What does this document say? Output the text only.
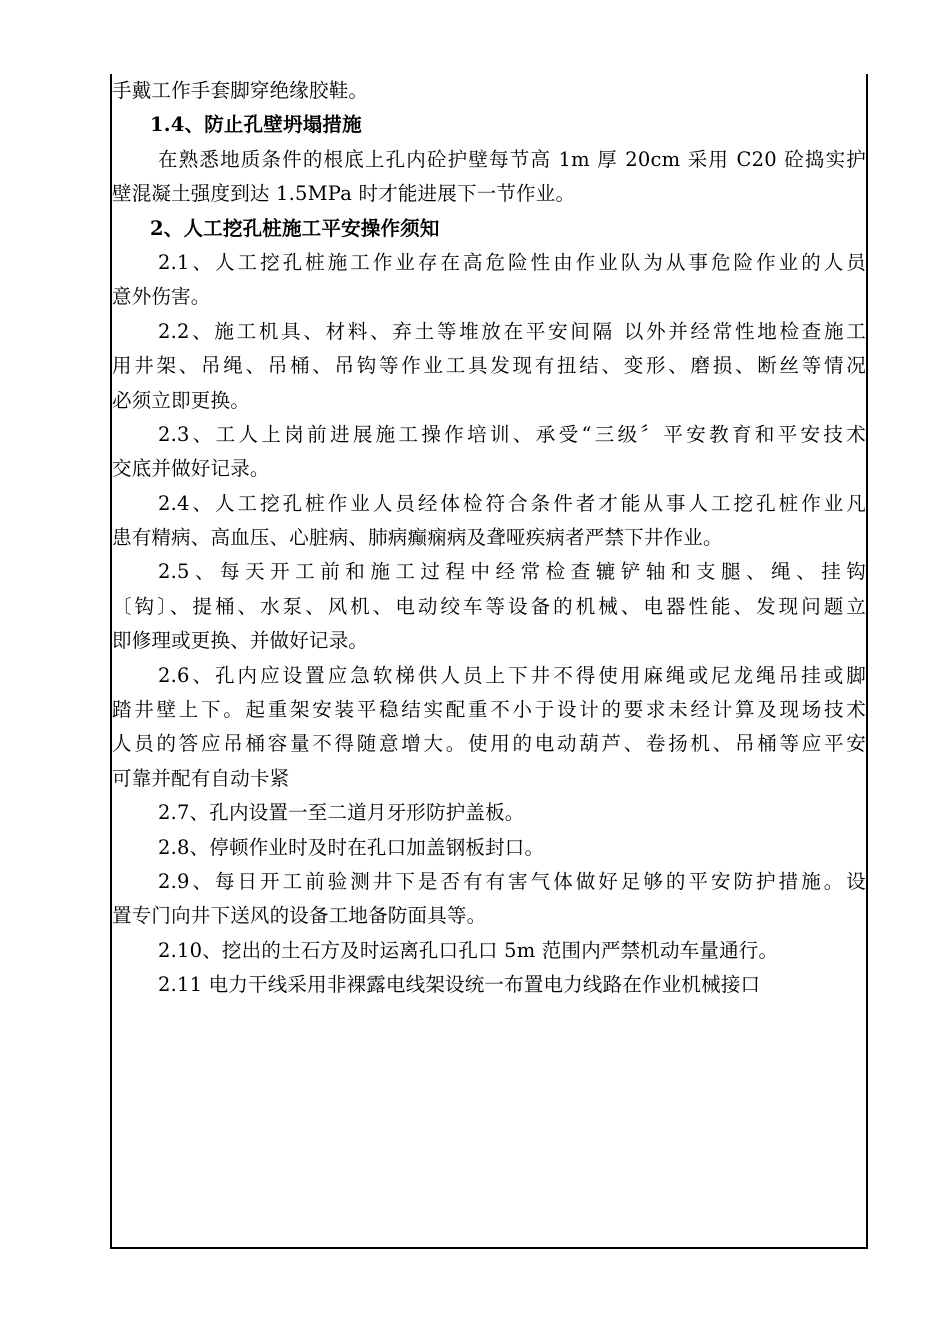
手戴工作手套脚穿绝缘胶鞋。
1.4、防止孔壁坍塌措施
在熟悉地质条件的根底上孔内砼护壁每节高 1m 厚 20cm 采用 C20 砼捣实护
壁混凝土强度到达 1.5MPa 时才能进展下一节作业。
2、人工挖孔桩施工平安操作须知
2.1、人工挖孔桩施工作业存在高危险性由作业队为从事危险作业的人员
意外伤害。
2.2、施工机具、材料、弃土等堆放在平安间隔 以外并经常性地检查施工
用井架、吊绳、吊桶、吊钩等作业工具发现有扭结、变形、磨损、断丝等情况
必须立即更换。
2.3、工人上岗前进展施工操作培训、承受“三级〞平安教育和平安技术
交底并做好记录。
2.4、人工挖孔桩作业人员经体检符合条件者才能从事人工挖孔桩作业凡
患有精病、高血压、心脏病、肺病癫痫病及聋哑疾病者严禁下井作业。
2.5、每天开工前和施工过程中经常检查辘铲轴和支腿、绳、挂钩
〔钩〕、提桶、水泵、风机、电动绞车等设备的机械、电器性能、发现问题立
即修理或更换、并做好记录。
2.6、孔内应设置应急软梯供人员上下井不得使用麻绳或尼龙绳吊挂或脚
踏井壁上下。起重架安装平稳结实配重不小于设计的要求未经计算及现场技术
人员的答应吊桶容量不得随意增大。使用的电动葫芦、卷扬机、吊桶等应平安
可靠并配有自动卡紧
2.7、孔内设置一至二道月牙形防护盖板。
2.8、停顿作业时及时在孔口加盖钢板封口。
2.9、每日开工前验测井下是否有有害气体做好足够的平安防护措施。设
置专门向井下送风的设备工地备防面具等。
2.10、挖出的土石方及时运离孔口孔口 5m 范围内严禁机动车量通行。
2.11 电力干线采用非裸露电线架设统一布置电力线路在作业机械接口
